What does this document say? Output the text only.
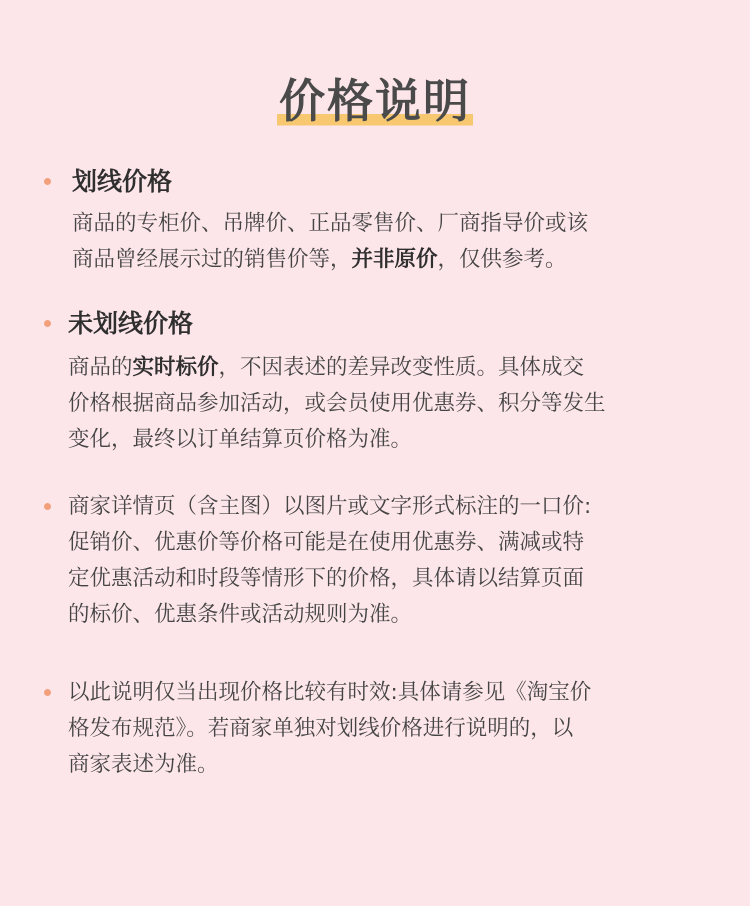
价格说明
划线价格
商品的专柜价、吊牌价、正品零售价、厂商指导价或该
商品曾经展示过的销售价等，并非原价，仅供参考。
未划线价格
商品的实时标价，不因表述的差异改变性质。具体成交
价格根据商品参加活动，或会员使用优惠券、积分等发生
变化，最终以订单结算页价格为准。
商家详情页（含主图）以图片或文字形式标注的一口价:
促销价、优惠价等价格可能是在使用优惠券、满减或特
定优惠活动和时段等情形下的价格，具体请以结算页面
的标价、优惠条件或活动规则为准。
以此说明仅当出现价格比较有时效:具体请参见《淘宝价
格发布规范》。若商家单独对划线价格进行说明的，以
商家表述为准。
